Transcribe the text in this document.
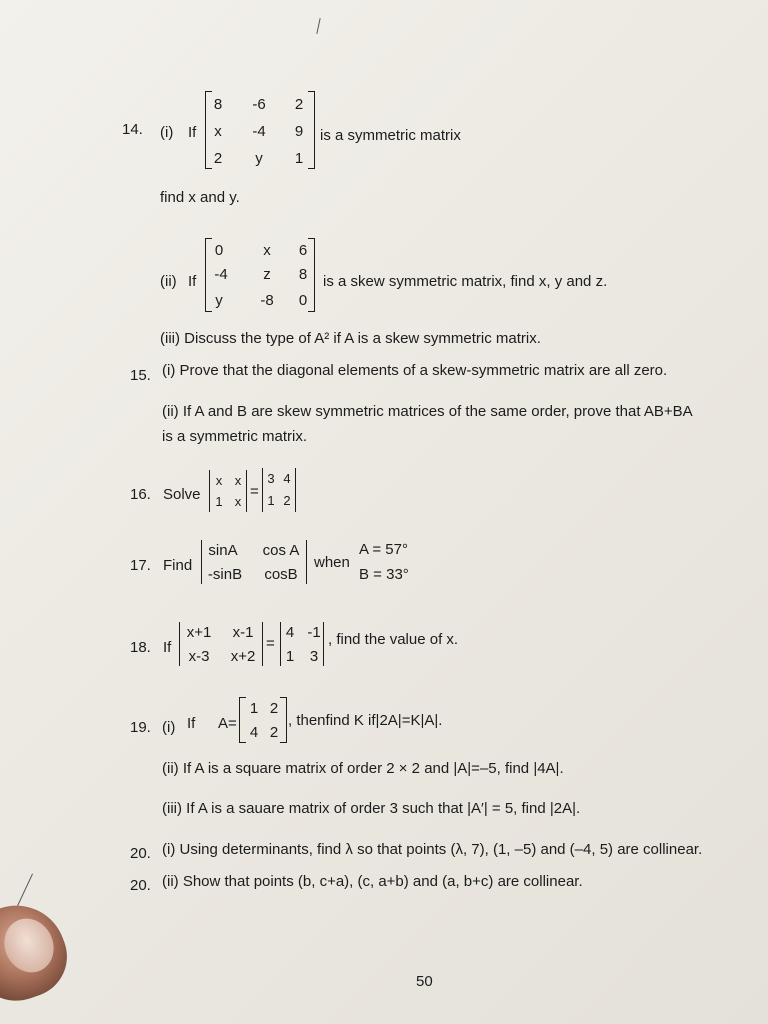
14. (i) If
8 -6 2
x -4 9
2 y 1
is a symmetric matrix
find x and y.
(ii) If
0	x 6
-4 z 8
y	-8 0
is a skew symmetric matrix, find x, y and z.
(iii) Discuss the type of A² if A is a skew symmetric matrix.
15. (i) Prove that the diagonal elements of a skew-symmetric matrix are all zero.
(ii) If A and B are skew symmetric matrices of the same order, prove that AB+BA
is a symmetric matrix.
16. Solve
x x
1 x
=
3 4
1 2
17. Find
sinA cos A
-sinB cosB
when
A = 57°
B = 33°
18. If
x+1 x-1
x-3 x+2
=
4 -1
1 3
, find the value of x.
19. (i) If A=
1 2
4 2
, thenfind K if|2A|=K|A|.
(ii) If A is a square matrix of order 2 × 2 and |A|=–5, find |4A|.
(iii) If A is a sauare matrix of order 3 such that |A′| = 5, find |2A|.
20. (i) Using determinants, find λ so that points (λ, 7), (1, –5) and (–4, 5) are collinear.
20. (ii) Show that points (b, c+a), (c, a+b) and (a, b+c) are collinear.
50
